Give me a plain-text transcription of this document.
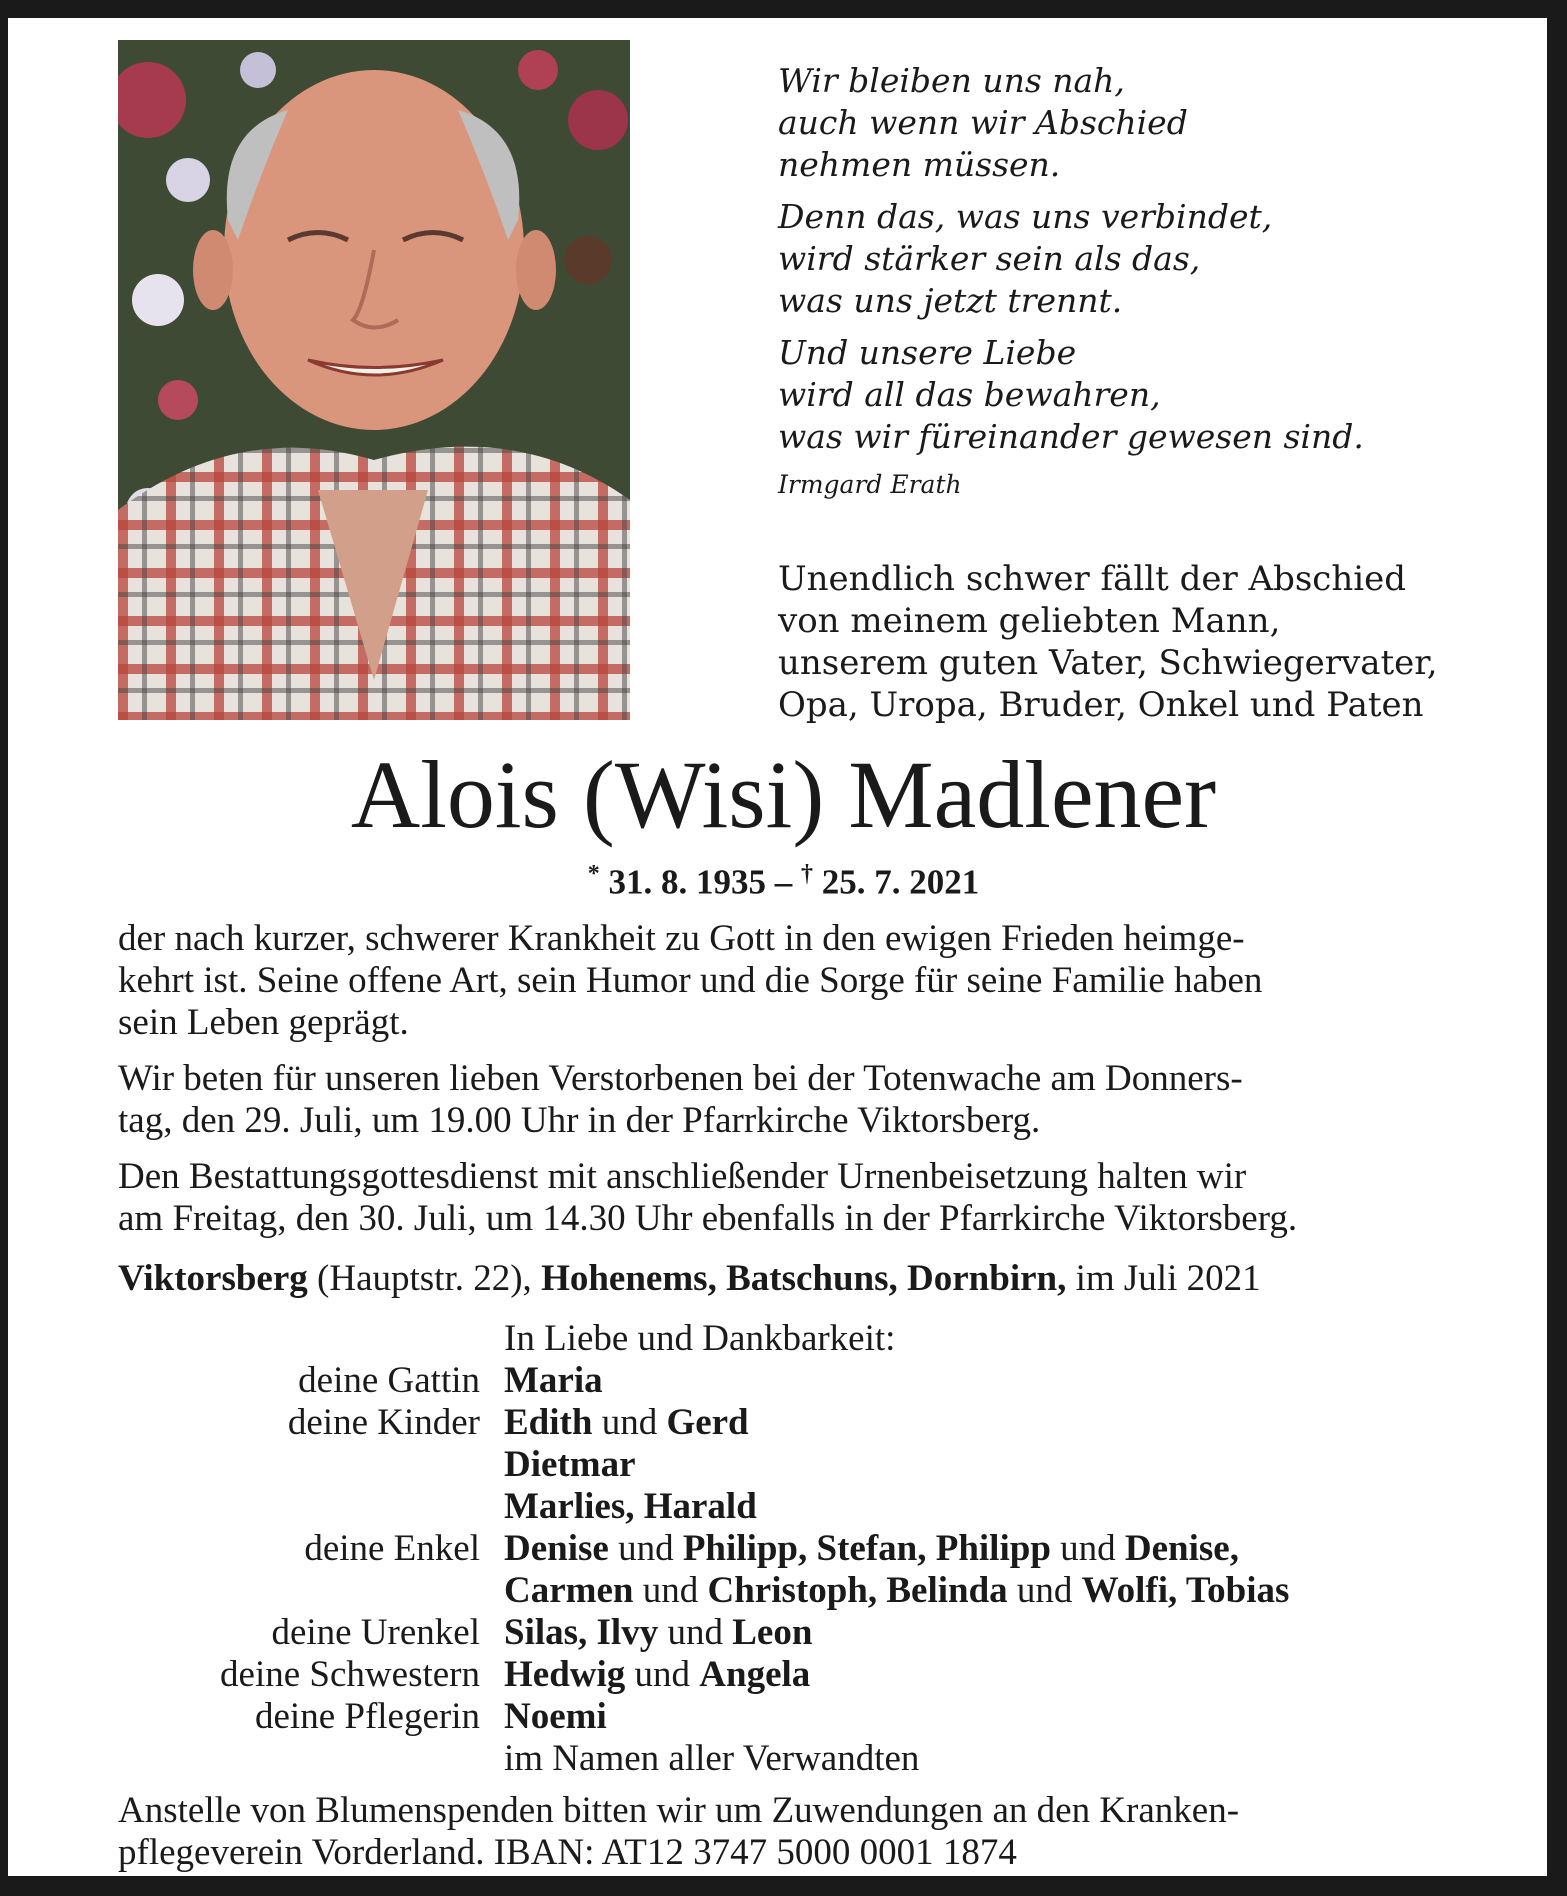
Wir bleiben uns nah,
auch wenn wir Abschied
nehmen müssen.
Denn das, was uns verbindet,
wird stärker sein als das,
was uns jetzt trennt.
Und unsere Liebe
wird all das bewahren,
was wir füreinander gewesen sind.
Irmgard Erath
Unendlich schwer fällt der Abschied
von meinem geliebten Mann,
unserem guten Vater, Schwiegervater,
Opa, Uropa, Bruder, Onkel und Paten
Alois (Wisi) Madlener
* 31. 8. 1935 – † 25. 7. 2021

der nach kurzer, schwerer Krankheit zu Gott in den ewigen Frieden heimge-
kehrt ist. Seine offene Art, sein Humor und die Sorge für seine Familie haben
sein Leben geprägt.

Wir beten für unseren lieben Verstorbenen bei der Totenwache am Donners-
tag, den 29. Juli, um 19.00 Uhr in der Pfarrkirche Viktorsberg.

Den Bestattungsgottesdienst mit anschließender Urnenbeisetzung halten wir
am Freitag, den 30. Juli, um 14.30 Uhr ebenfalls in der Pfarrkirche Viktorsberg.

Viktorsberg (Hauptstr. 22), Hohenems, Batschuns, Dornbirn, im Juli 2021
In Liebe und Dankbarkeit:
deine Gattin Maria
deine Kinder Edith und Gerd
Dietmar
Marlies, Harald
deine Enkel Denise und Philipp, Stefan, Philipp und Denise,
Carmen und Christoph, Belinda und Wolfi, Tobias
deine Urenkel Silas, Ilvy und Leon
deine Schwestern Hedwig und Angela
deine Pflegerin Noemi
im Namen aller Verwandten
Anstelle von Blumenspenden bitten wir um Zuwendungen an den Kranken-
pflegeverein Vorderland. IBAN: AT12 3747 5000 0001 1874
